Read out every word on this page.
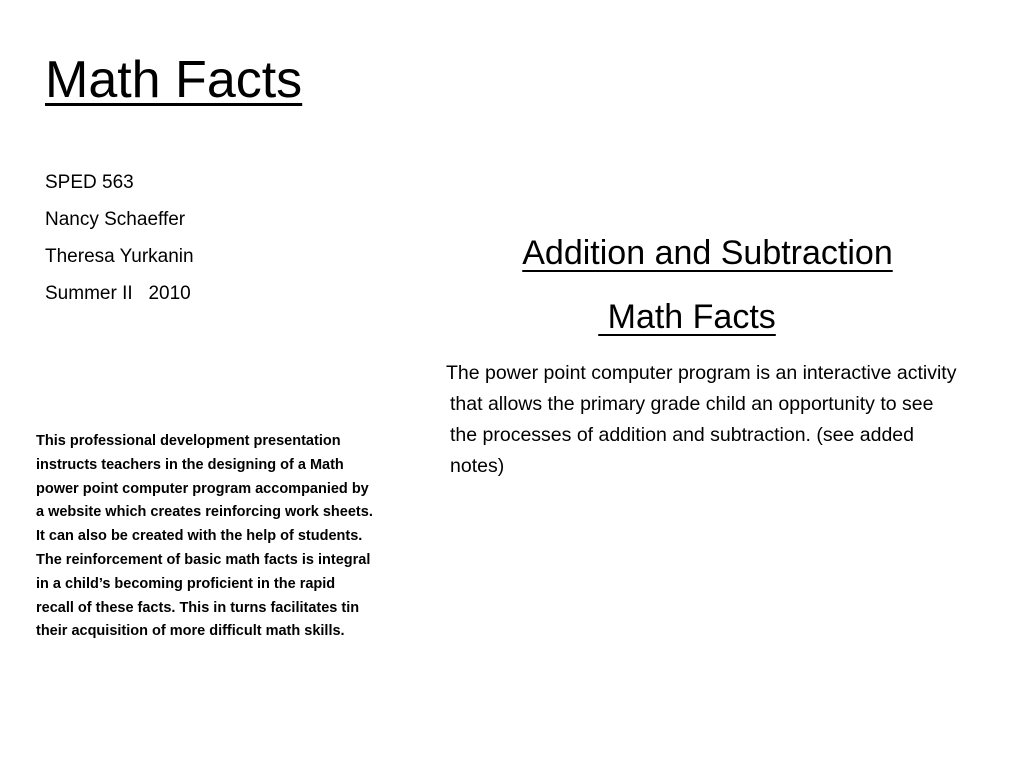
Math Facts
SPED 563
Nancy Schaeffer
Theresa Yurkanin
Summer II   2010
This professional development presentation instructs teachers in the designing of a Math power point computer program accompanied by a website which creates reinforcing work sheets. It can also be created with the help of students. The reinforcement of basic math facts is integral in a child’s becoming proficient in the rapid recall of these facts. This in turns facilitates tin their acquisition of more difficult math skills.
Addition and Subtraction
Math Facts
The power point computer program is an interactive activity that allows the primary grade child an opportunity to see the processes of addition and subtraction. (see added notes)
